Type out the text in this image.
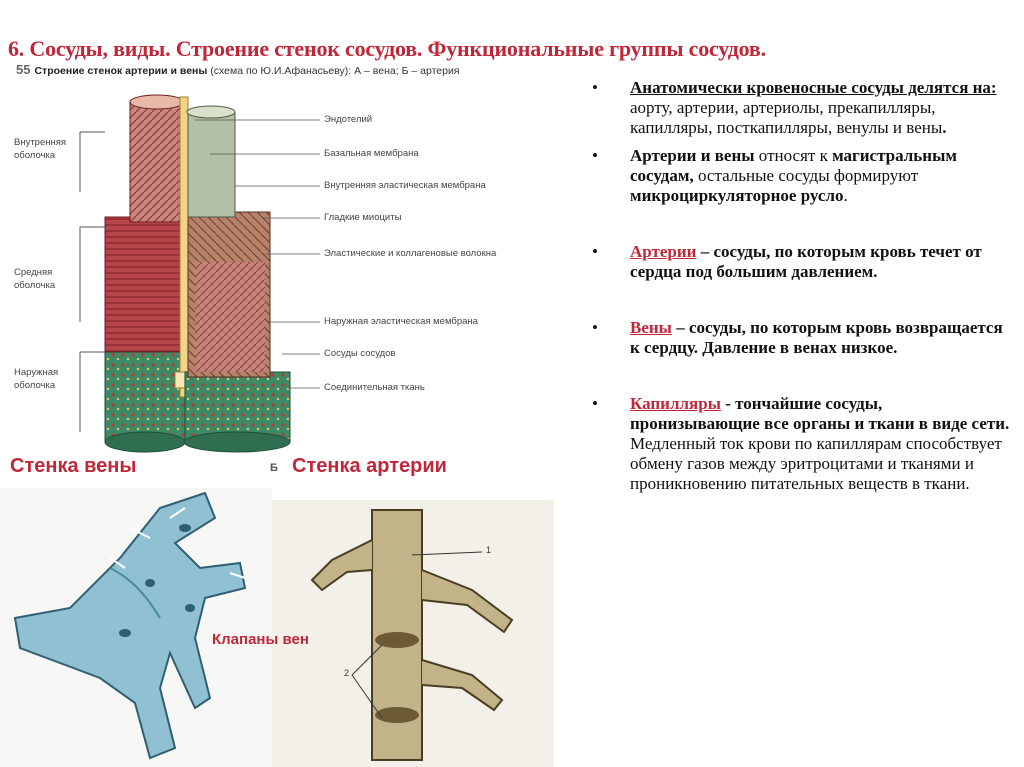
6. Сосуды, виды. Строение стенок сосудов. Функциональные группы сосудов.
55 Строение стенок артерии и вены (схема по Ю.И.Афанасьеву): А – вена; Б – артерия
Внутренняя оболочка
Средняя оболочка
Наружная оболочка
Эндотелий
Базальная мембрана
Внутренняя эластическая мембрана
Гладкие миоциты
Эластические и коллагеновые волокна
Наружная эластическая мембрана
Сосуды сосудов
Соединительная ткань
Стенка вены	Б Стенка артерии
1
2
Клапаны вен
• Анатомически кровеносные сосуды делятся на: аорту, артерии, артериолы, прекапилляры, капилляры, посткапилляры, венулы и вены.
• Артерии и вены относят к магистральным сосудам, остальные сосуды формируют микроциркуляторное русло.
• Артерии – сосуды, по которым кровь течет от сердца под большим давлением.
• Вены – сосуды, по которым кровь возвращается к сердцу. Давление в венах низкое.
• Капилляры - тончайшие сосуды, пронизывающие все органы и ткани в виде сети. Медленный ток крови по капиллярам способствует обмену газов между эритроцитами и тканями и проникновению питательных веществ в ткани.
